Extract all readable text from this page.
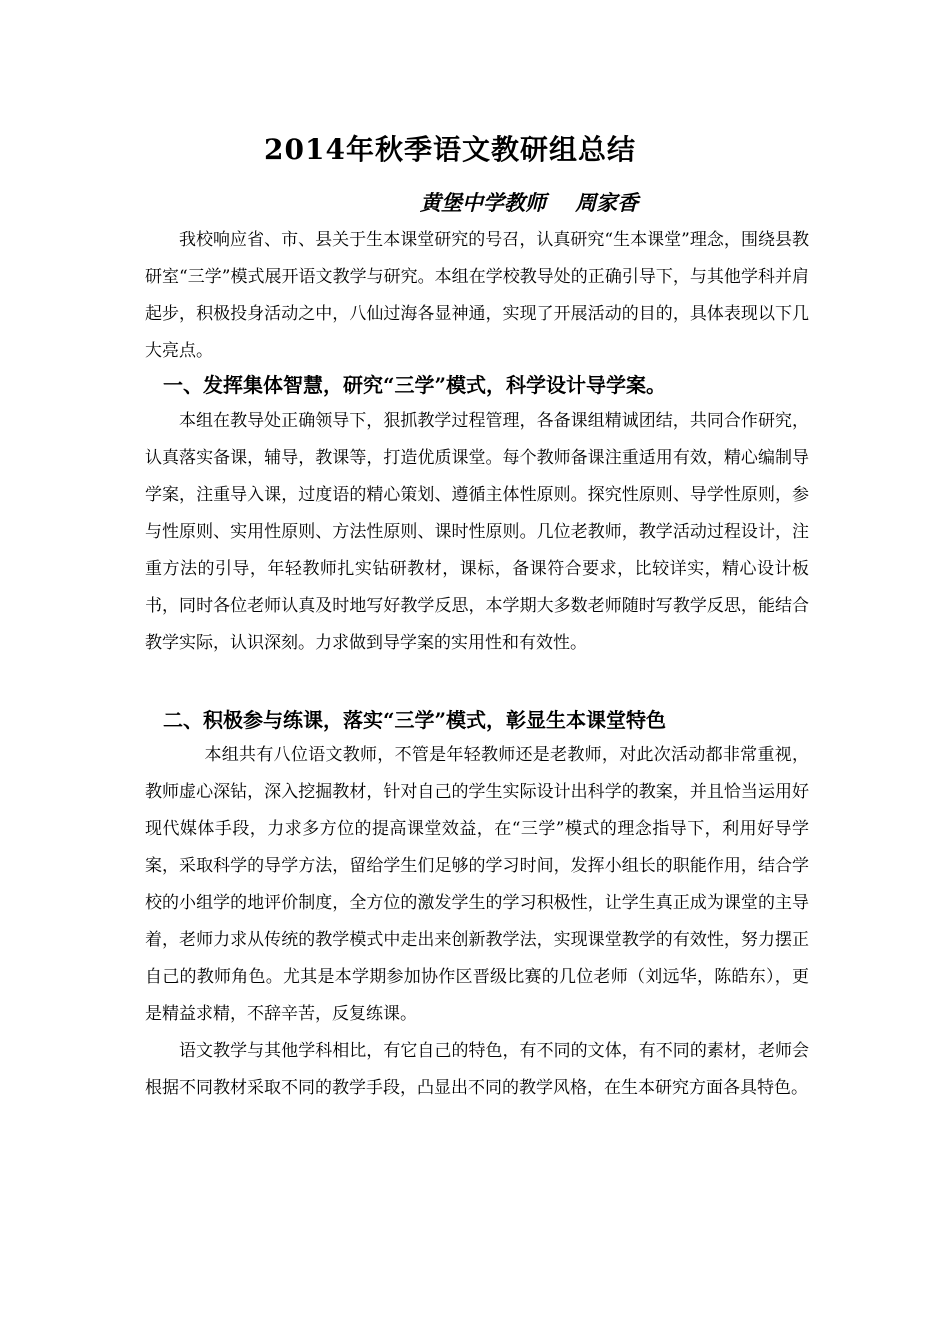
2014年秋季语文教研组总结
黄堡中学教师    周家香

我校响应省、市、县关于生本课堂研究的号召，认真研究“生本课堂”理念，围绕县教研室“三学”模式展开语文教学与研究。本组在学校教导处的正确引导下，与其他学科并肩起步，积极投身活动之中，八仙过海各显神通，实现了开展活动的目的，具体表现以下几大亮点。

一、发挥集体智慧，研究“三学”模式，科学设计导学案。

本组在教导处正确领导下，狠抓教学过程管理，各备课组精诚团结，共同合作研究，认真落实备课，辅导，教课等，打造优质课堂。每个教师备课注重适用有效，精心编制导学案，注重导入课，过度语的精心策划、遵循主体性原则。探究性原则、导学性原则，参与性原则、实用性原则、方法性原则、课时性原则。几位老教师，教学活动过程设计，注重方法的引导，年轻教师扎实钻研教材，课标，备课符合要求，比较详实，精心设计板书，同时各位老师认真及时地写好教学反思，本学期大多数老师随时写教学反思，能结合教学实际，认识深刻。力求做到导学案的实用性和有效性。

二、积极参与练课，落实“三学”模式，彰显生本课堂特色

本组共有八位语文教师，不管是年轻教师还是老教师，对此次活动都非常重视，教师虚心深钻，深入挖掘教材，针对自己的学生实际设计出科学的教案，并且恰当运用好现代媒体手段，力求多方位的提高课堂效益，在“三学”模式的理念指导下，利用好导学案，采取科学的导学方法，留给学生们足够的学习时间，发挥小组长的职能作用，结合学校的小组学的地评价制度，全方位的激发学生的学习积极性，让学生真正成为课堂的主导着，老师力求从传统的教学模式中走出来创新教学法，实现课堂教学的有效性，努力摆正自己的教师角色。尤其是本学期参加协作区晋级比赛的几位老师（刘远华，陈皓东），更是精益求精，不辞辛苦，反复练课。

语文教学与其他学科相比，有它自己的特色，有不同的文体，有不同的素材，老师会根据不同教材采取不同的教学手段，凸显出不同的教学风格，在生本研究方面各具特色。
